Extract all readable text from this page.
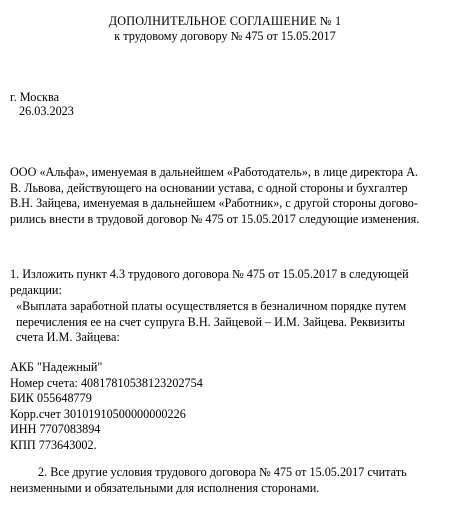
ДОПОЛНИТЕЛЬНОЕ СОГЛАШЕНИЕ № 1
к трудовому договору № 475 от 15.05.2017
г. Москва
26.03.2023
ООО «Альфа», именуемая в дальнейшем «Работодатель», в лице директора А.
В. Львова, действующего на основании устава, с одной стороны и бухгалтер
В.Н. Зайцева, именуемая в дальнейшем «Работник», с другой стороны догово-
рились внести в трудовой договор № 475 от 15.05.2017 следующие изменения.
1. Изложить пункт 4.3 трудового договора № 475 от 15.05.2017 в следующей
редакции:
«Выплата заработной платы осуществляется в безналичном порядке путем
перечисления ее на счет супруга В.Н. Зайцевой – И.М. Зайцева. Реквизиты
счета И.М. Зайцева:
АКБ "Надежный"
Номер счета: 40817810538123202754
БИК 055648779
Корр.счет 30101910500000000226
ИНН 7707083894
КПП 773643002.
2. Все другие условия трудового договора № 475 от 15.05.2017 считать
неизменными и обязательными для исполнения сторонами.
